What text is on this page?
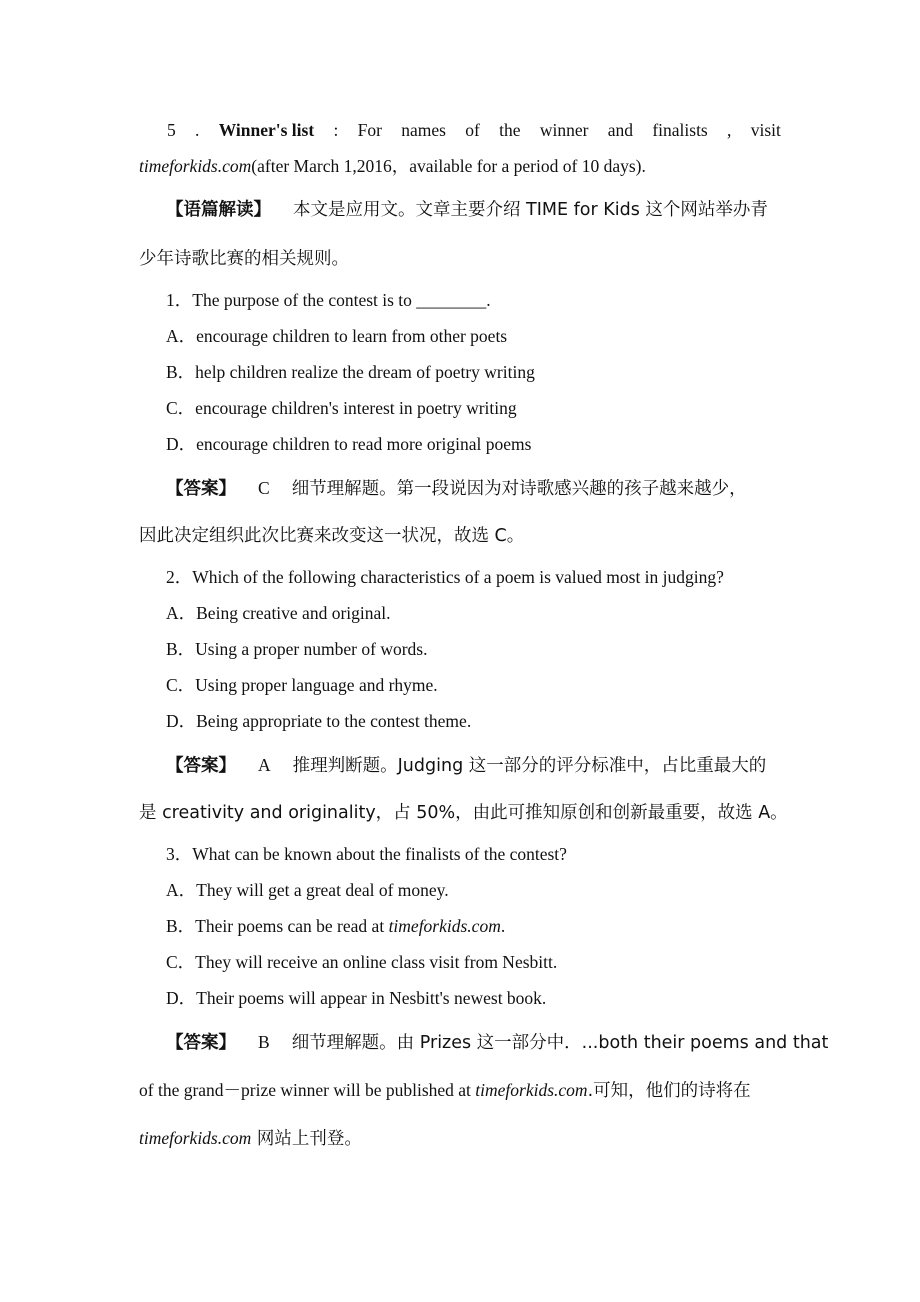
5 . Winner's list : For names of the winner and finalists , visit
timeforkids.com(after March 1,2016，available for a period of 10 days).
【语篇解读】 本文是应用文。文章主要介绍 TIME for Kids 这个网站举办青
少年诗歌比赛的相关规则。
1．The purpose of the contest is to ________.
A．encourage children to learn from other poets
B．help children realize the dream of poetry writing
C．encourage children's interest in poetry writing
D．encourage children to read more original poems
【答案】 C 细节理解题。第一段说因为对诗歌感兴趣的孩子越来越少，
因此决定组织此次比赛来改变这一状况，故选 C。
2．Which of the following characteristics of a poem is valued most in judging?
A．Being creative and original.
B．Using a proper number of words.
C．Using proper language and rhyme.
D．Being appropriate to the contest theme.
【答案】 A 推理判断题。Judging 这一部分的评分标准中，占比重最大的
是 creativity and originality，占 50%，由此可推知原创和创新最重要，故选 A。
3．What can be known about the finalists of the contest?
A．They will get a great deal of money.
B．Their poems can be read at timeforkids.com.
C．They will receive an online class visit from Nesbitt.
D．Their poems will appear in Nesbitt's newest book.
【答案】 B 细节理解题。由 Prizes 这一部分中．...both their poems and that
of the grand－prize winner will be published at timeforkids.com.可知，他们的诗将在
timeforkids.com 网站上刊登。
